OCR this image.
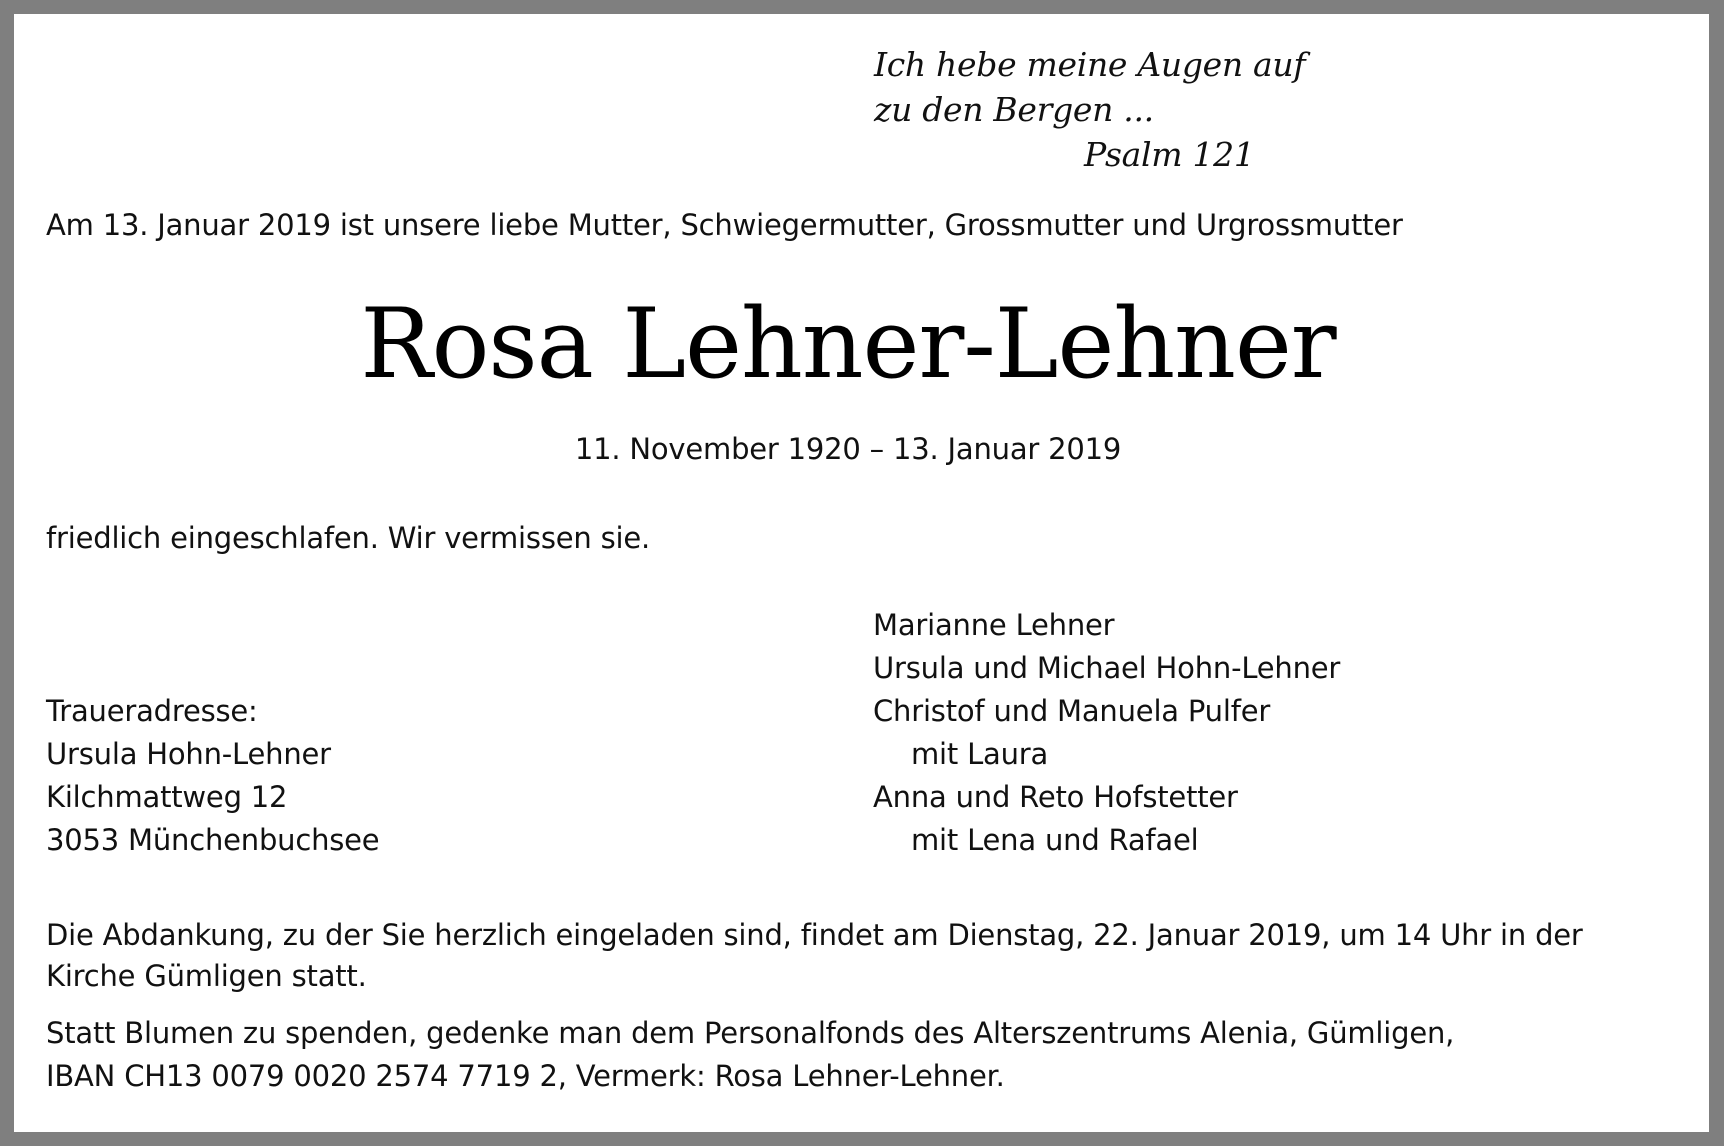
Ich hebe meine Augen auf
zu den Bergen ...
Psalm 121
Am 13. Januar 2019 ist unsere liebe Mutter, Schwiegermutter, Grossmutter und Urgrossmutter
Rosa Lehner-Lehner
11. November 1920 – 13. Januar 2019
friedlich eingeschlafen. Wir vermissen sie.
Traueradresse:
Ursula Hohn-Lehner
Kilchmattweg 12
3053 Münchenbuchsee
Marianne Lehner
Ursula und Michael Hohn-Lehner
Christof und Manuela Pulfer
mit Laura
Anna und Reto Hofstetter
mit Lena und Rafael
Die Abdankung, zu der Sie herzlich eingeladen sind, findet am Dienstag, 22. Januar 2019, um 14 Uhr in der
Kirche Gümligen statt.
Statt Blumen zu spenden, gedenke man dem Personalfonds des Alterszentrums Alenia, Gümligen,
IBAN CH13 0079 0020 2574 7719 2, Vermerk: Rosa Lehner-Lehner.
